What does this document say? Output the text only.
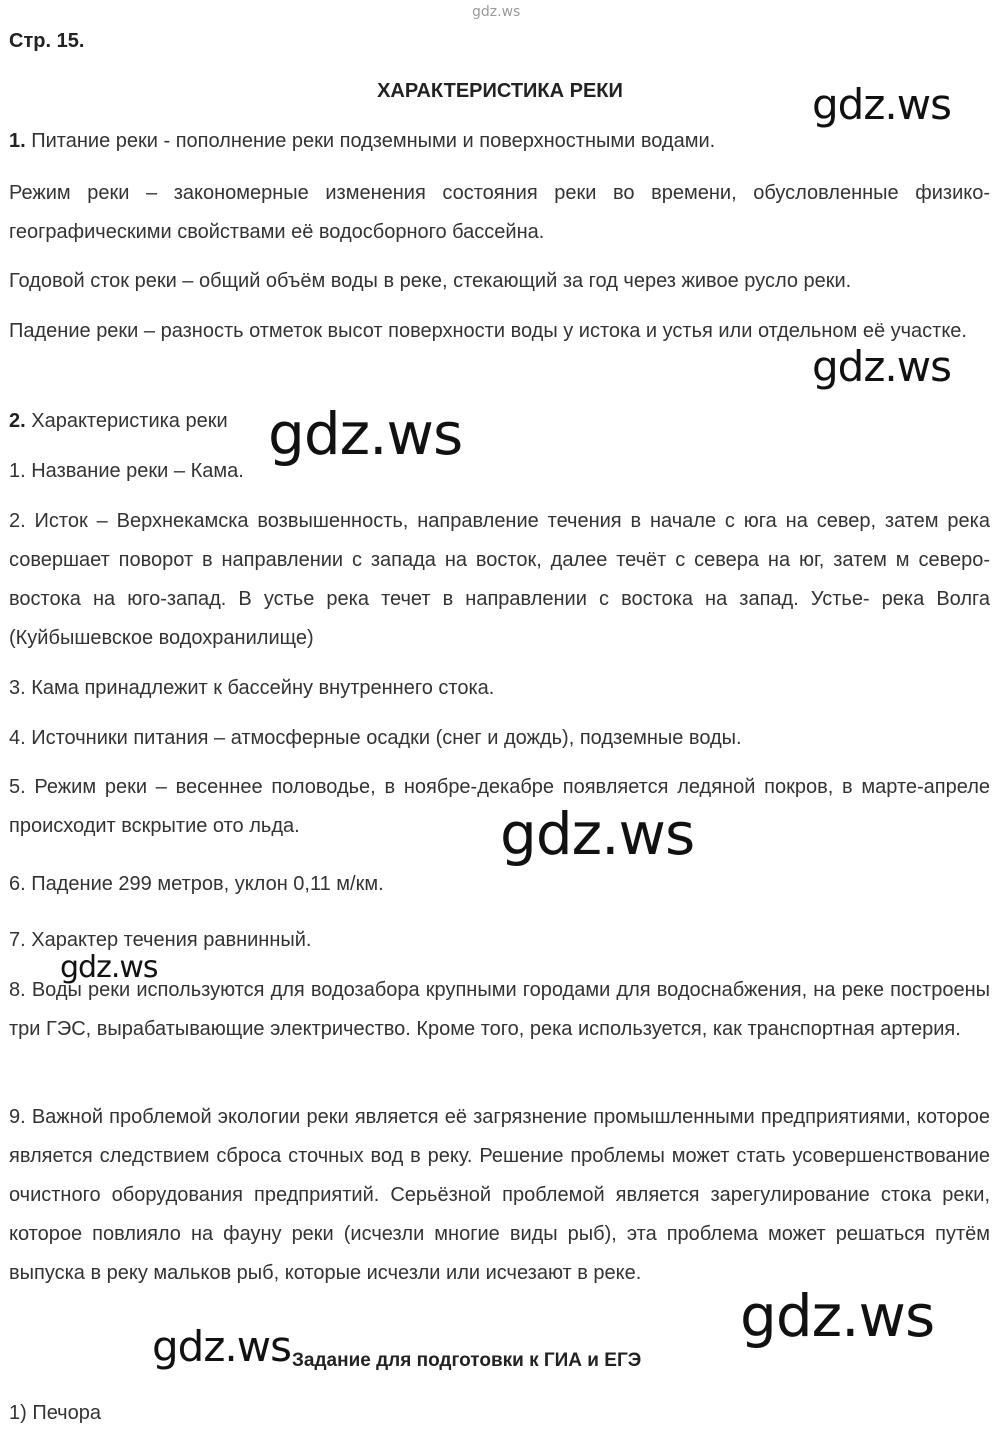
gdz.ws
Стр. 15.
ХАРАКТЕРИСТИКА РЕКИ

1. Питание реки - пополнение реки подземными и поверхностными водами.

Режим реки – закономерные изменения состояния реки во времени, обусловленные физико-географическими свойствами её водосборного бассейна.

Годовой сток реки – общий объём воды в реке, стекающий за год через живое русло реки.

Падение реки – разность отметок высот поверхности воды у истока и устья или отдельном её участке.

2. Характеристика реки

1. Название реки – Кама.

2. Исток – Верхнекамска возвышенность, направление течения в начале с юга на север, затем река совершает поворот в направлении с запада на восток, далее течёт с севера на юг, затем м северо-востока на юго-запад. В устье река течет в направлении с востока на запад. Устье- река Волга (Куйбышевское водохранилище)

3. Кама принадлежит к бассейну внутреннего стока.

4. Источники питания – атмосферные осадки (снег и дождь), подземные воды.

5. Режим реки – весеннее половодье, в ноябре-декабре появляется ледяной покров, в марте-апреле происходит вскрытие ото льда.

6. Падение 299 метров, уклон 0,11 м/км.

7. Характер течения равнинный.

8. Воды реки используются для водозабора крупными городами для водоснабжения, на реке построены три ГЭС, вырабатывающие электричество. Кроме того, река используется, как транспортная артерия.

9. Важной проблемой экологии реки является её загрязнение промышленными предприятиями, которое является следствием сброса сточных вод в реку. Решение проблемы может стать усовершенствование очистного оборудования предприятий. Серьёзной проблемой является зарегулирование стока реки, которое повлияло на фауну реки (исчезли многие виды рыб), эта проблема может решаться путём выпуска в реку мальков рыб, которые исчезли или исчезают в реке.

Задание для подготовки к ГИА и ЕГЭ

1) Печора

gdz.ws
gdz.ws
gdz.ws
gdz.ws
gdz.ws
gdz.ws
gdz.ws
